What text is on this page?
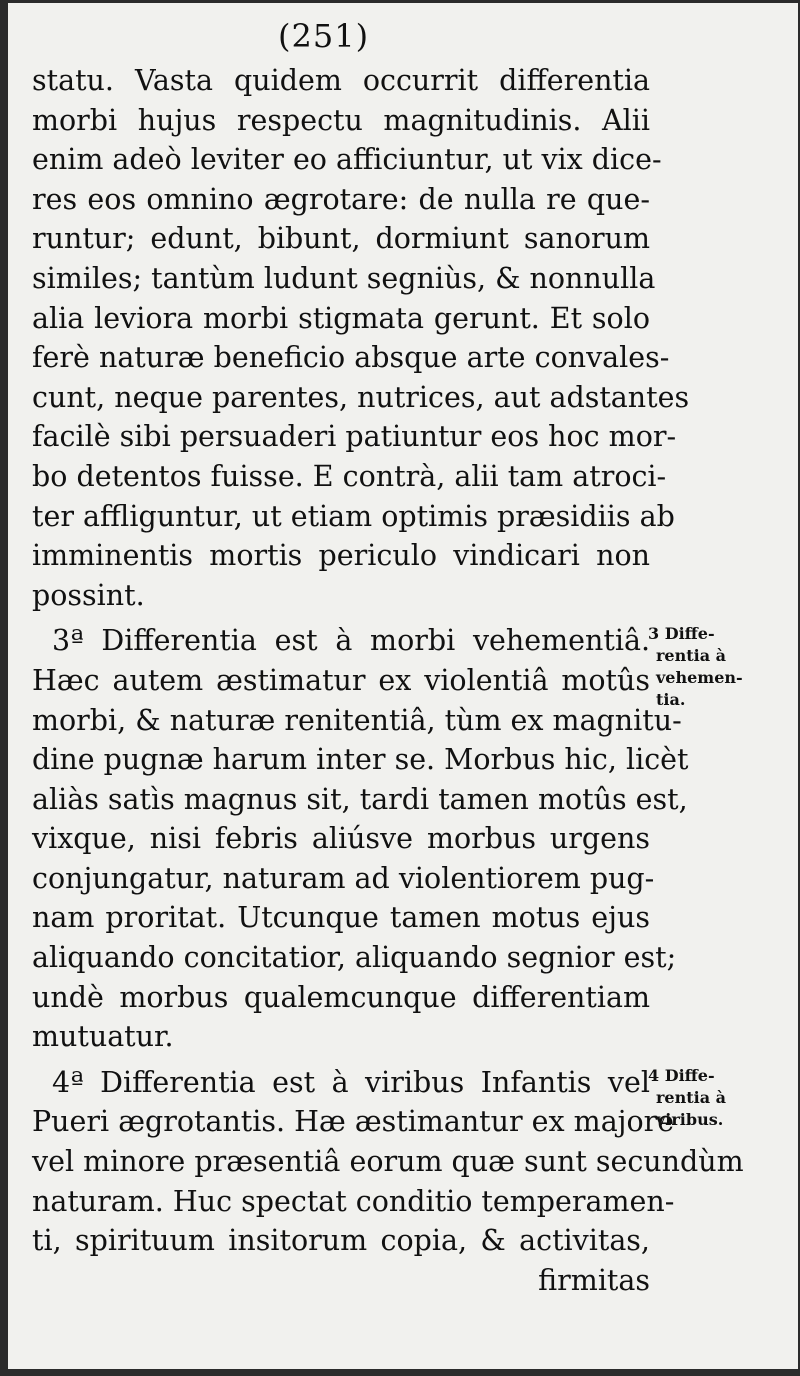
(251)
statu. Vasta quidem occurrit differentia
morbi hujus respectu magnitudinis. Alii
enim adeò leviter eo afficiuntur, ut vix dice-
res eos omnino ægrotare: de nulla re que-
runtur; edunt, bibunt, dormiunt sanorum
similes; tantùm ludunt segniùs, & nonnulla
alia leviora morbi stigmata gerunt. Et solo
ferè naturæ beneficio absque arte convales-
cunt, neque parentes, nutrices, aut adstantes
facilè sibi persuaderi patiuntur eos hoc mor-
bo detentos fuisse. E contrà, alii tam atroci-
ter affliguntur, ut etiam optimis præsidiis ab
imminentis mortis periculo vindicari non
possint.
3ª Differentia est à morbi vehementiâ.
Hæc autem æstimatur ex violentiâ motûs
morbi, & naturæ renitentiâ, tùm ex magnitu-
dine pugnæ harum inter se. Morbus hic, licèt
aliàs satìs magnus sit, tardi tamen motûs est,
vixque, nisi febris aliúsve morbus urgens
conjungatur, naturam ad violentiorem pug-
nam proritat. Utcunque tamen motus ejus
aliquando concitatior, aliquando segnior est;
undè morbus qualemcunque differentiam
mutuatur.
4ª Differentia est à viribus Infantis vel
Pueri ægrotantis. Hæ æstimantur ex majore
vel minore præsentiâ eorum quæ sunt secundùm
naturam. Huc spectat conditio temperamen-
ti, spirituum insitorum copia, & activitas,
firmitas
3 Diffe-
rentia à
vehemen-
tia.
4 Diffe-
rentia à
viribus.
